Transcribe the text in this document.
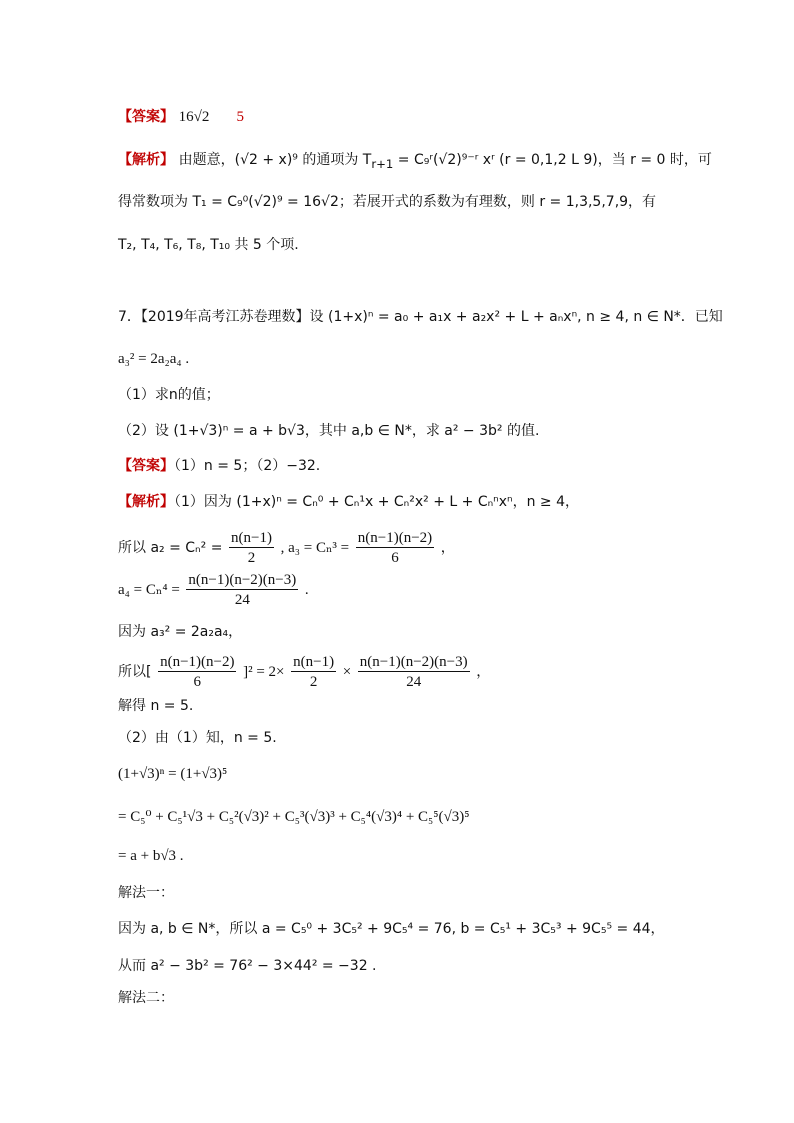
【答案】 16√2       5
【解析】 由题意，(√2 + x)⁹ 的通项为 $T_{r+1}$ = C₉ʳ(√2)⁹⁻ʳ xʳ (r = 0,1,2 L 9)，当 r = 0 时，可
得常数项为 T₁ = C₉⁰(√2)⁹ = 16√2；若展开式的系数为有理数，则 r = 1,3,5,7,9，有
T₂, T₄, T₆, T₈, T₁₀ 共 5 个项.
7．【2019年高考江苏卷理数】设 (1+x)ⁿ = a₀ + a₁x + a₂x² + L + aₙxⁿ, n ≥ 4, n ∈ N*．已知
a₃² = 2a₂a₄ .
（1）求n的值；
（2）设 (1+√3)ⁿ = a + b√3，其中 a,b ∈ N*，求 a² − 3b² 的值.
【答案】（1）n = 5；（2）−32.
【解析】（1）因为 (1+x)ⁿ = Cₙ⁰ + Cₙ¹x + Cₙ²x² + L + Cₙⁿxⁿ，n ≥ 4，
所以 $a_2 = C_n^2 = \frac{n(n-1)}{2}$ , $a_3 = C_n^3 = \frac{n(n-1)(n-2)}{6}$ ，
$a_4 = C_n^4 = \frac{n(n-1)(n-2)(n-3)}{24}$ .
因为 a₃² = 2a₂a₄，
所以[ $\frac{n(n-1)(n-2)}{6} ]^2 = 2\times \frac{n(n-1)}{2} \times \frac{n(n-1)(n-2)(n-3)}{24}$ ，
解得 n = 5.
（2）由（1）知，n = 5.
(1+√3)ⁿ = (1+√3)⁵
= C₅⁰ + C₅¹√3 + C₅²(√3)² + C₅³(√3)³ + C₅⁴(√3)⁴ + C₅⁵(√3)⁵
= a + b√3 .
解法一：
因为 a, b ∈ N*，所以 a = C₅⁰ + 3C₅² + 9C₅⁴ = 76, b = C₅¹ + 3C₅³ + 9C₅⁵ = 44，
从而 a² − 3b² = 76² − 3×44² = −32 .
解法二：
